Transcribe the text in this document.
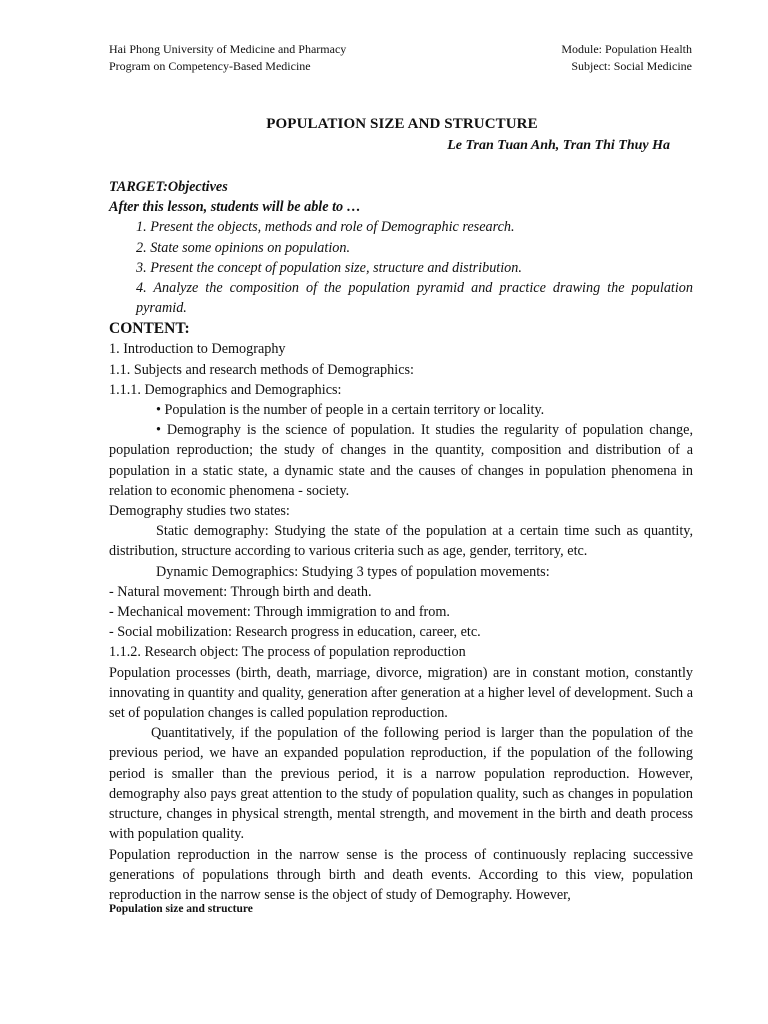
Hai Phong University of Medicine and Pharmacy	Module: Population Health
Program on Competency-Based Medicine	Subject: Social Medicine
POPULATION SIZE AND STRUCTURE
Le Tran Tuan Anh, Tran Thi Thuy Ha

TARGET:Objectives

After this lesson, students will be able to …

1. Present the objects, methods and role of Demographic research.

2. State some opinions on population.

3. Present the concept of population size, structure and distribution.

4. Analyze the composition of the population pyramid and practice drawing the population pyramid.

CONTENT:

1. Introduction to Demography

1.1. Subjects and research methods of Demographics:

1.1.1. Demographics and Demographics:

• Population is the number of people in a certain territory or locality.

• Demography is the science of population. It studies the regularity of population change, population reproduction; the study of changes in the quantity, composition and distribution of a population in a static state, a dynamic state and the causes of changes in population phenomena in relation to economic phenomena - society.

Demography studies two states:

Static demography: Studying the state of the population at a certain time such as quantity, distribution, structure according to various criteria such as age, gender, territory, etc.

Dynamic Demographics: Studying 3 types of population movements:

- Natural movement: Through birth and death.

- Mechanical movement: Through immigration to and from.

- Social mobilization: Research progress in education, career, etc.

1.1.2. Research object: The process of population reproduction

Population processes (birth, death, marriage, divorce, migration) are in constant motion, constantly innovating in quantity and quality, generation after generation at a higher level of development. Such a set of population changes is called population reproduction.

Quantitatively, if the population of the following period is larger than the population of the previous period, we have an expanded population reproduction, if the population of the following period is smaller than the previous period, it is a narrow population reproduction. However, demography also pays great attention to the study of population quality, such as changes in population structure, changes in physical strength, mental strength, and movement in the birth and death process with population quality.

Population reproduction in the narrow sense is the process of continuously replacing successive generations of populations through birth and death events. According to this view, population reproduction in the narrow sense is the object of study of Demography. However,

Population size and structure
